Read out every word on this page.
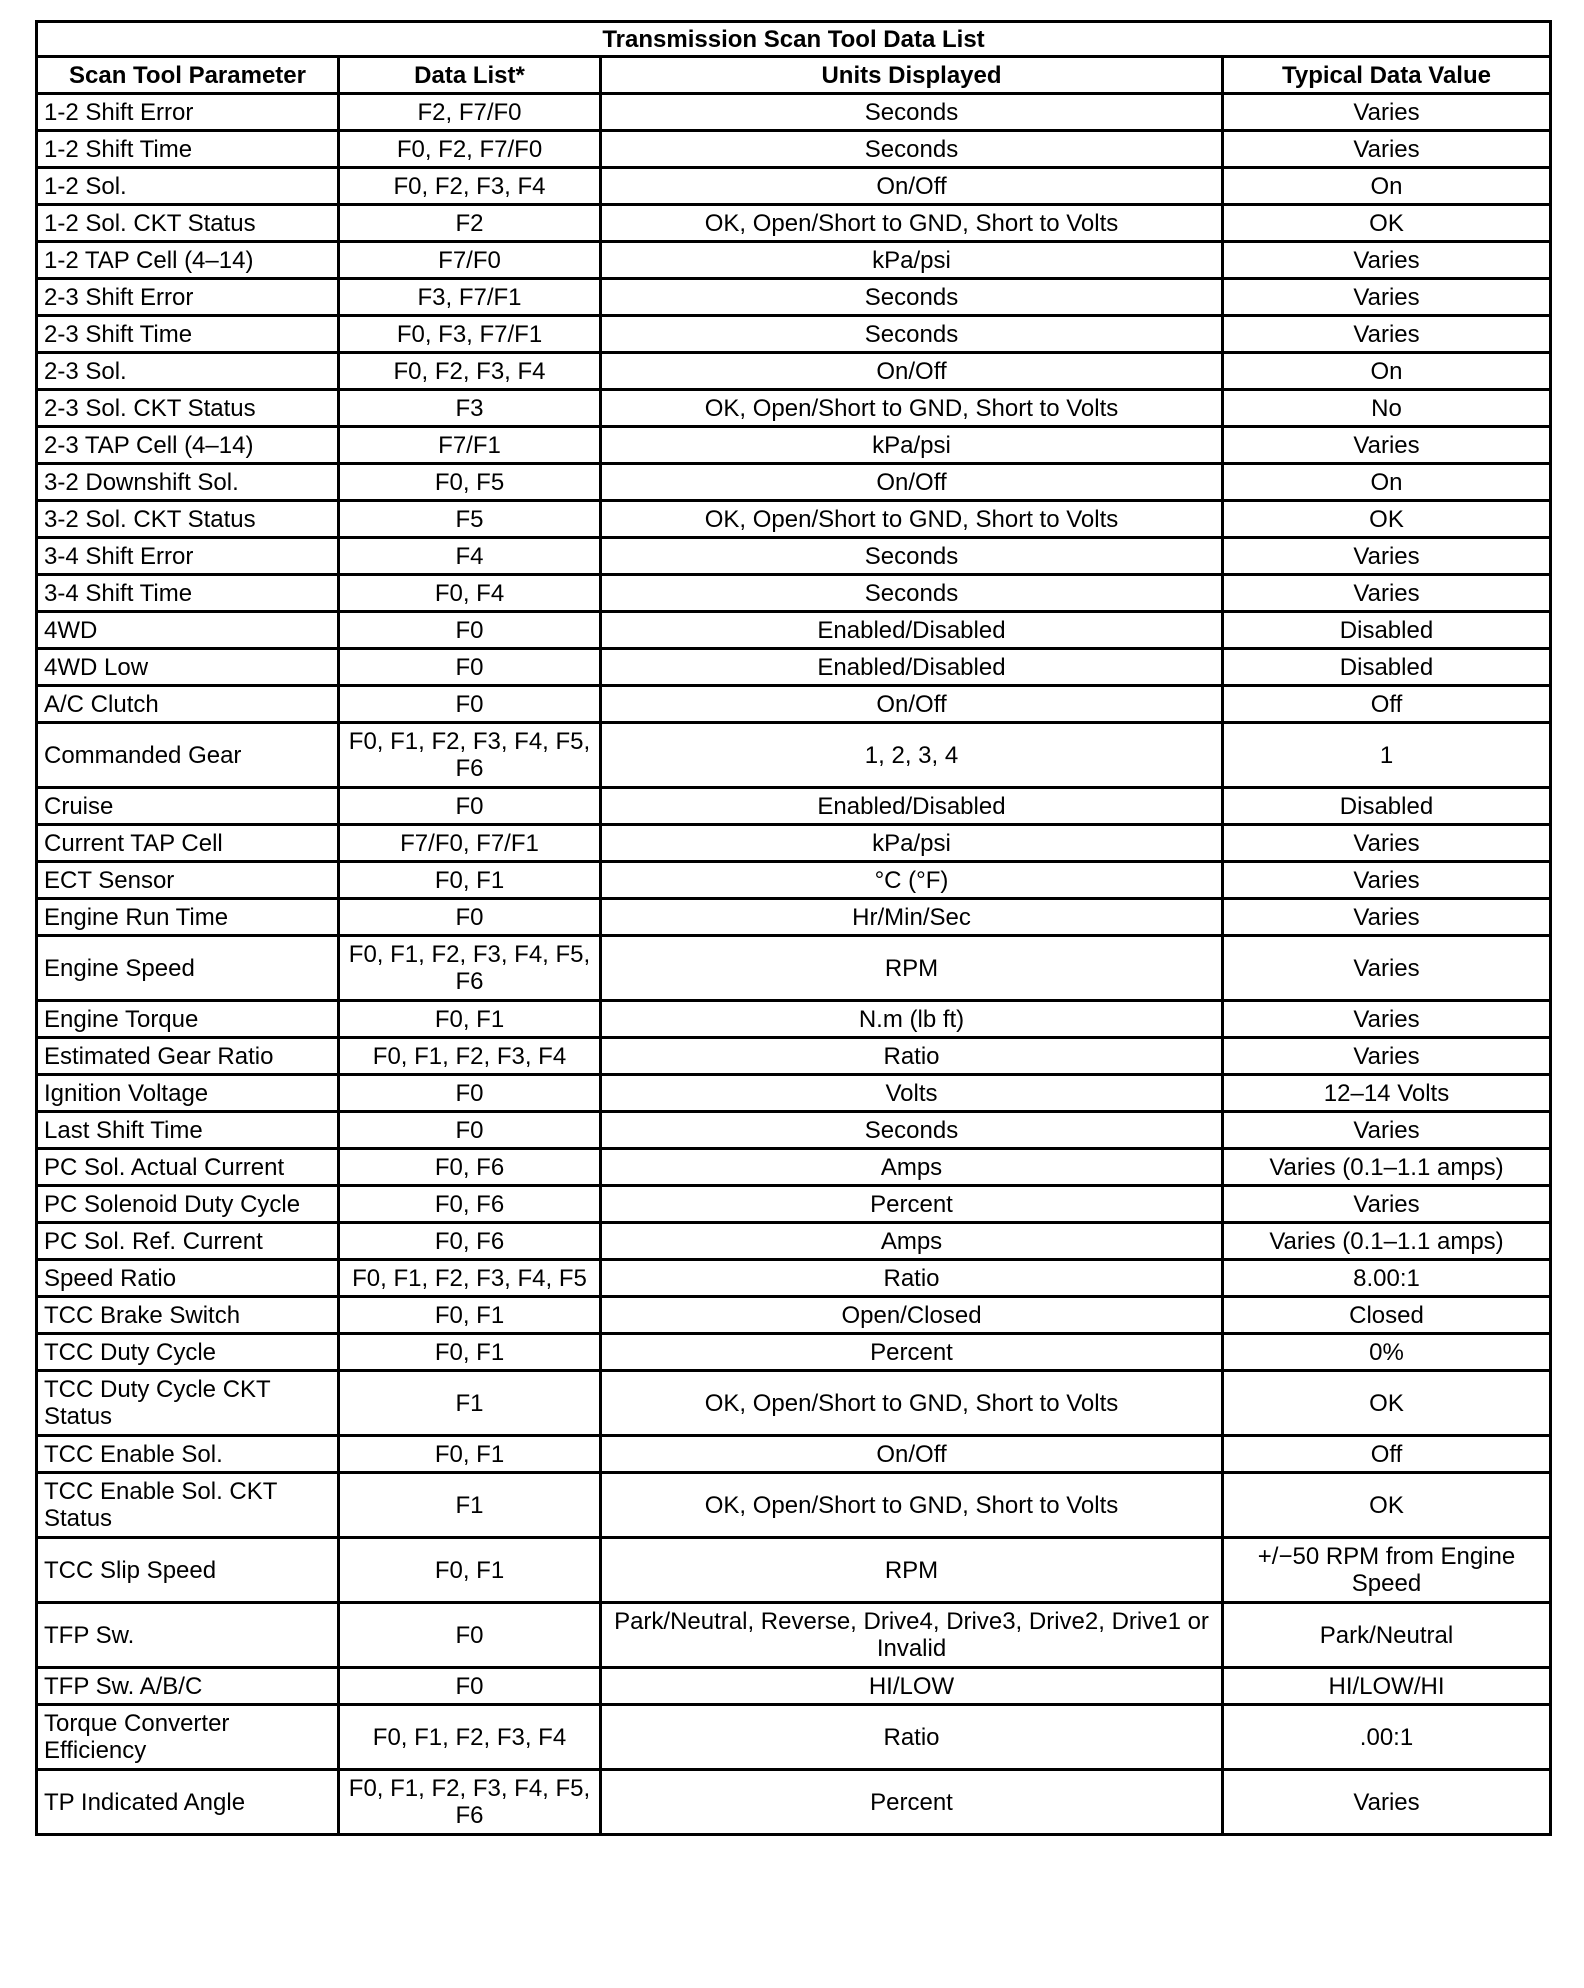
Transmission Scan Tool Data List			
Scan Tool Parameter	Data List*	Units Displayed	Typical Data Value
1-2 Shift Error	F2, F7/F0	Seconds	Varies
1-2 Shift Time	F0, F2, F7/F0	Seconds	Varies
1-2 Sol.	F0, F2, F3, F4	On/Off	On
1-2 Sol. CKT Status	F2	OK, Open/Short to GND, Short to Volts	OK
1-2 TAP Cell (4–14)	F7/F0	kPa/psi	Varies
2-3 Shift Error	F3, F7/F1	Seconds	Varies
2-3 Shift Time	F0, F3, F7/F1	Seconds	Varies
2-3 Sol.	F0, F2, F3, F4	On/Off	On
2-3 Sol. CKT Status	F3	OK, Open/Short to GND, Short to Volts	No
2-3 TAP Cell (4–14)	F7/F1	kPa/psi	Varies
3-2 Downshift Sol.	F0, F5	On/Off	On
3-2 Sol. CKT Status	F5	OK, Open/Short to GND, Short to Volts	OK
3-4 Shift Error	F4	Seconds	Varies
3-4 Shift Time	F0, F4	Seconds	Varies
4WD	F0	Enabled/Disabled	Disabled
4WD Low	F0	Enabled/Disabled	Disabled
A/C Clutch	F0	On/Off	Off
Commanded Gear	F0, F1, F2, F3, F4, F5, F6	1, 2, 3, 4	1
Cruise	F0	Enabled/Disabled	Disabled
Current TAP Cell	F7/F0, F7/F1	kPa/psi	Varies
ECT Sensor	F0, F1	°C (°F)	Varies
Engine Run Time	F0	Hr/Min/Sec	Varies
Engine Speed	F0, F1, F2, F3, F4, F5, F6	RPM	Varies
Engine Torque	F0, F1	N.m (lb ft)	Varies
Estimated Gear Ratio	F0, F1, F2, F3, F4	Ratio	Varies
Ignition Voltage	F0	Volts	12–14 Volts
Last Shift Time	F0	Seconds	Varies
PC Sol. Actual Current	F0, F6	Amps	Varies (0.1–1.1 amps)
PC Solenoid Duty Cycle	F0, F6	Percent	Varies
PC Sol. Ref. Current	F0, F6	Amps	Varies (0.1–1.1 amps)
Speed Ratio	F0, F1, F2, F3, F4, F5	Ratio	8.00:1
TCC Brake Switch	F0, F1	Open/Closed	Closed
TCC Duty Cycle	F0, F1	Percent	0%
TCC Duty Cycle CKT Status	F1	OK, Open/Short to GND, Short to Volts	OK
TCC Enable Sol.	F0, F1	On/Off	Off
TCC Enable Sol. CKT Status	F1	OK, Open/Short to GND, Short to Volts	OK
TCC Slip Speed	F0, F1	RPM	+/−50 RPM from Engine Speed
TFP Sw.	F0	Park/Neutral, Reverse, Drive4, Drive3, Drive2, Drive1 or Invalid	Park/Neutral
TFP Sw. A/B/C	F0	HI/LOW	HI/LOW/HI
Torque Converter Efficiency	F0, F1, F2, F3, F4	Ratio	.00:1
TP Indicated Angle	F0, F1, F2, F3, F4, F5, F6	Percent	Varies
